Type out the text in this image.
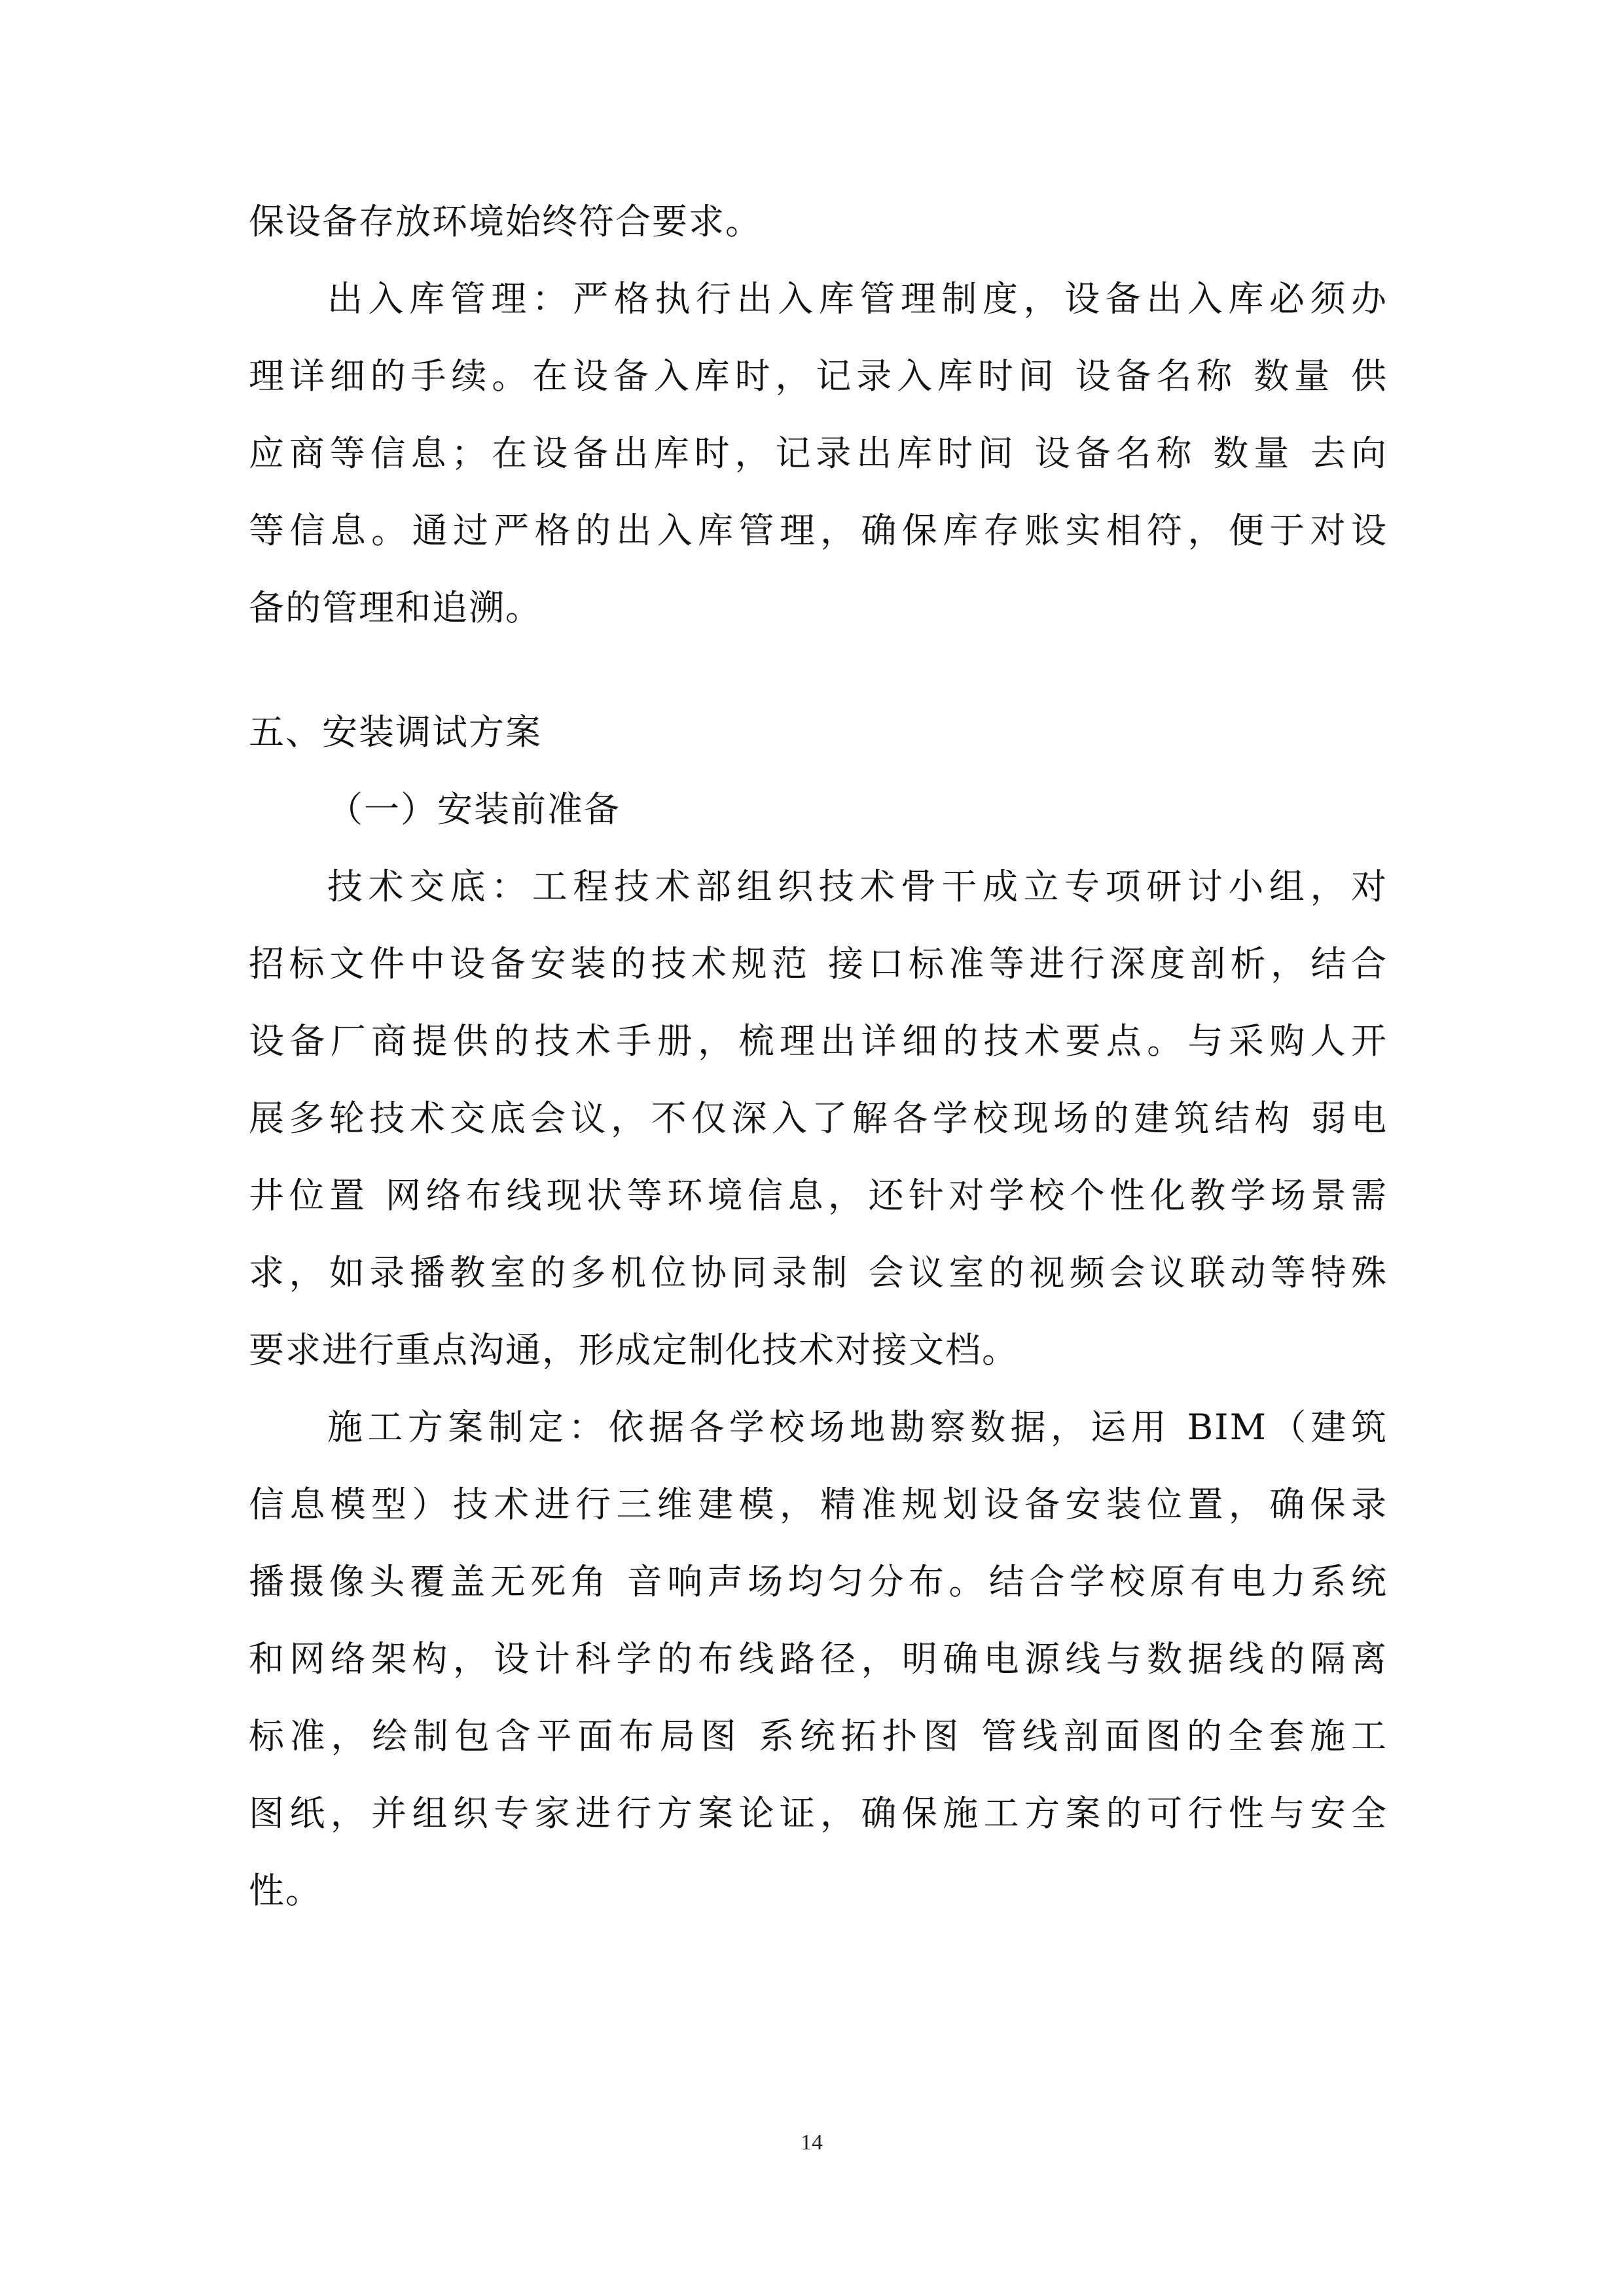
保设备存放环境始终符合要求。
出入库管理：严格执行出入库管理制度，设备出入库必须办
理详细的手续。在设备入库时，记录入库时间 设备名称 数量 供
应商等信息；在设备出库时，记录出库时间 设备名称 数量 去向
等信息。通过严格的出入库管理，确保库存账实相符，便于对设
备的管理和追溯。
五、安装调试方案
（一）安装前准备
技术交底：工程技术部组织技术骨干成立专项研讨小组，对
招标文件中设备安装的技术规范 接口标准等进行深度剖析，结合
设备厂商提供的技术手册，梳理出详细的技术要点。与采购人开
展多轮技术交底会议，不仅深入了解各学校现场的建筑结构 弱电
井位置 网络布线现状等环境信息，还针对学校个性化教学场景需
求，如录播教室的多机位协同录制 会议室的视频会议联动等特殊
要求进行重点沟通，形成定制化技术对接文档。
施工方案制定：依据各学校场地勘察数据，运用 BIM（建筑
信息模型）技术进行三维建模，精准规划设备安装位置，确保录
播摄像头覆盖无死角 音响声场均匀分布。结合学校原有电力系统
和网络架构，设计科学的布线路径，明确电源线与数据线的隔离
标准，绘制包含平面布局图 系统拓扑图 管线剖面图的全套施工
图纸，并组织专家进行方案论证，确保施工方案的可行性与安全
性。
14
